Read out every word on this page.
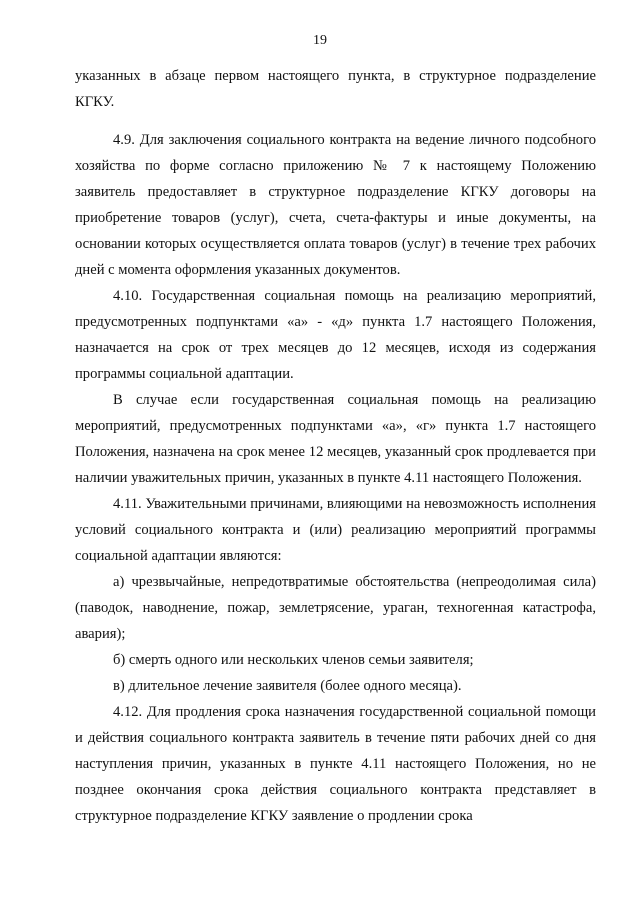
19

указанных в абзаце первом настоящего пункта, в структурное подразделение КГКУ.

4.9. Для заключения социального контракта на ведение личного подсобного хозяйства по форме согласно приложению № 7 к настоящему Положению заявитель предоставляет в структурное подразделение КГКУ договоры на приобретение товаров (услуг), счета, счета-фактуры и иные документы, на основании которых осуществляется оплата товаров (услуг) в течение трех рабочих дней с момента оформления указанных документов.

4.10. Государственная социальная помощь на реализацию мероприятий, предусмотренных подпунктами «а» - «д» пункта 1.7 настоящего Положения, назначается на срок от трех месяцев до 12 месяцев, исходя из содержания программы социальной адаптации.

В случае если государственная социальная помощь на реализацию мероприятий, предусмотренных подпунктами «а», «г» пункта 1.7 настоящего Положения, назначена на срок менее 12 месяцев, указанный срок продлевается при наличии уважительных причин, указанных в пункте 4.11 настоящего Положения.

4.11. Уважительными причинами, влияющими на невозможность исполнения условий социального контракта и (или) реализацию мероприятий программы социальной адаптации являются:

а) чрезвычайные, непредотвратимые обстоятельства (непреодолимая сила) (паводок, наводнение, пожар, землетрясение, ураган, техногенная катастрофа, авария);

б) смерть одного или нескольких членов семьи заявителя;

в) длительное лечение заявителя (более одного месяца).

4.12. Для продления срока назначения государственной социальной помощи и действия социального контракта заявитель в течение пяти рабочих дней со дня наступления причин, указанных в пункте 4.11 настоящего Положения, но не позднее окончания срока действия социального контракта представляет в структурное подразделение КГКУ заявление о продлении срока
